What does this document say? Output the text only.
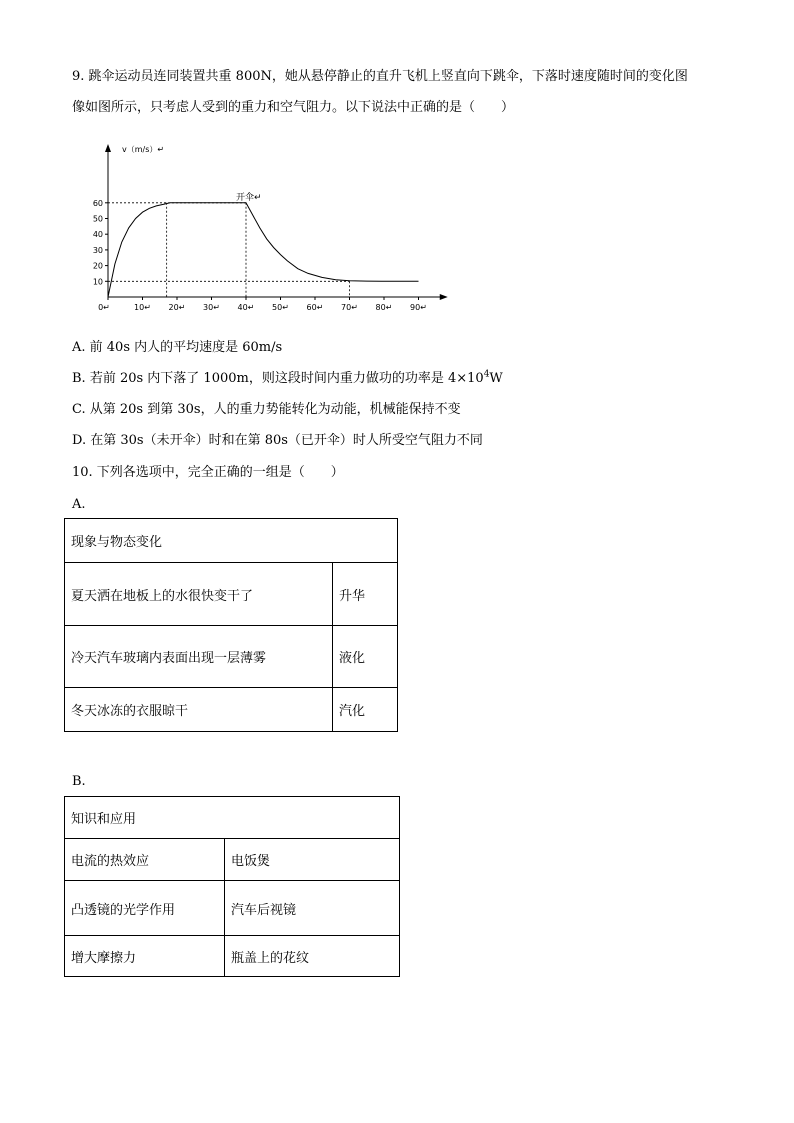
9. 跳伞运动员连同装置共重 800N，她从悬停静止的直升飞机上竖直向下跳伞，下落时速度随时间的变化图
像如图所示，只考虑人受到的重力和空气阻力。以下说法中正确的是（　　）
v（m/s）↵
10
20
30
40
50
60
0↵	10↵ 20↵ 30↵ 40↵ 50↵ 60↵ 70↵ 80↵ 90↵
开伞↵
A. 前 40s 内人的平均速度是 60m/s
B. 若前 20s 内下落了 1000m，则这段时间内重力做功的功率是 $4\times 10^4W$
C. 从第 20s 到第 30s，人的重力势能转化为动能，机械能保持不变
D. 在第 30s（未开伞）时和在第 80s（已开伞）时人所受空气阻力不同
10. 下列各选项中，完全正确的一组是（　　）
A.
现象与物态变化	
夏天洒在地板上的水很快变干了	升华
冷天汽车玻璃内表面出现一层薄雾	液化
冬天冰冻的衣服晾干	汽化
B.
知识和应用	
电流的热效应	电饭煲
凸透镜的光学作用	汽车后视镜
增大摩擦力	瓶盖上的花纹
